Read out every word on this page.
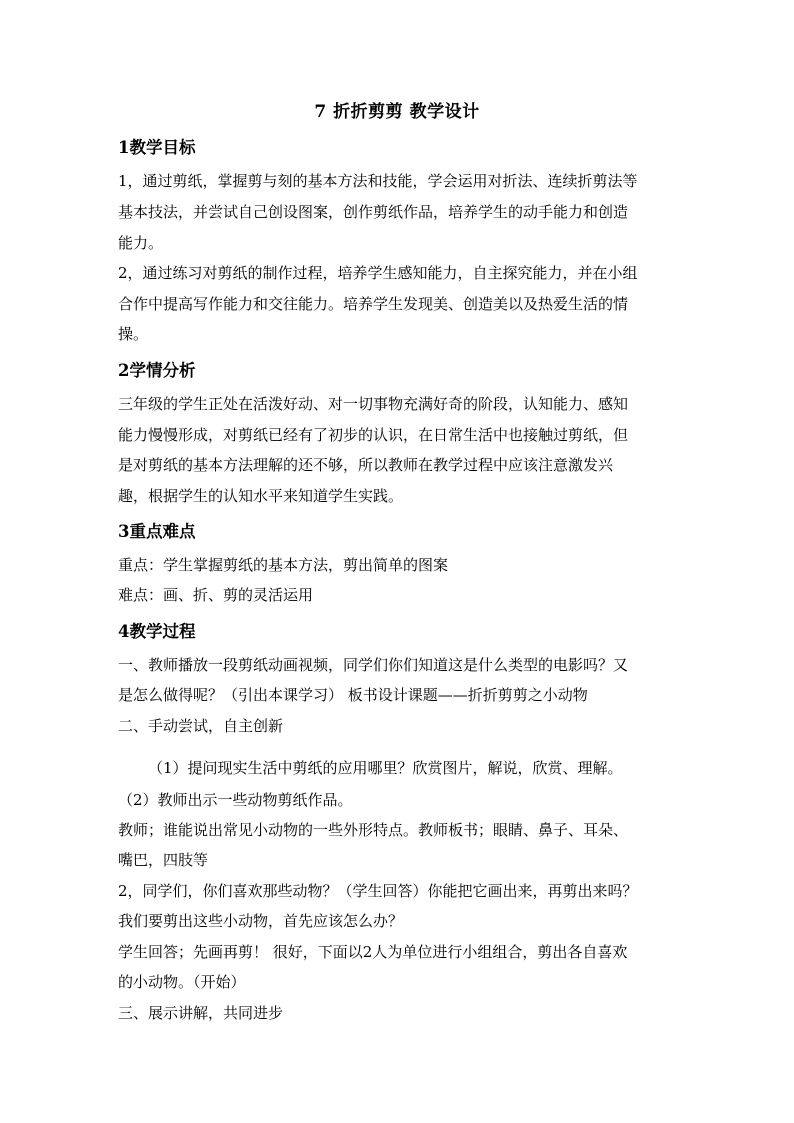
7 折折剪剪 教学设计
1教学目标
1，通过剪纸，掌握剪与刻的基本方法和技能，学会运用对折法、连续折剪法等
基本技法，并尝试自己创设图案，创作剪纸作品，培养学生的动手能力和创造
能力。
2，通过练习对剪纸的制作过程，培养学生感知能力，自主探究能力，并在小组
合作中提高写作能力和交往能力。培养学生发现美、创造美以及热爱生活的情
操。
2学情分析
三年级的学生正处在活泼好动、对一切事物充满好奇的阶段，认知能力、感知
能力慢慢形成，对剪纸已经有了初步的认识，在日常生活中也接触过剪纸，但
是对剪纸的基本方法理解的还不够，所以教师在教学过程中应该注意激发兴
趣，根据学生的认知水平来知道学生实践。
3重点难点
重点：学生掌握剪纸的基本方法，剪出简单的图案
难点：画、折、剪的灵活运用
4教学过程
一、教师播放一段剪纸动画视频，同学们你们知道这是什么类型的电影吗？又
是怎么做得呢？（引出本课学习） 板书设计课题——折折剪剪之小动物
二、手动尝试，自主创新
（1）提问现实生活中剪纸的应用哪里？欣赏图片，解说，欣赏、理解。
（2）教师出示一些动物剪纸作品。
教师；谁能说出常见小动物的一些外形特点。教师板书；眼睛、鼻子、耳朵、
嘴巴，四肢等
2，同学们，你们喜欢那些动物？（学生回答）你能把它画出来，再剪出来吗？
我们要剪出这些小动物，首先应该怎么办？
学生回答；先画再剪！ 很好，下面以2人为单位进行小组组合，剪出各自喜欢
的小动物。（开始）
三、展示讲解，共同进步
